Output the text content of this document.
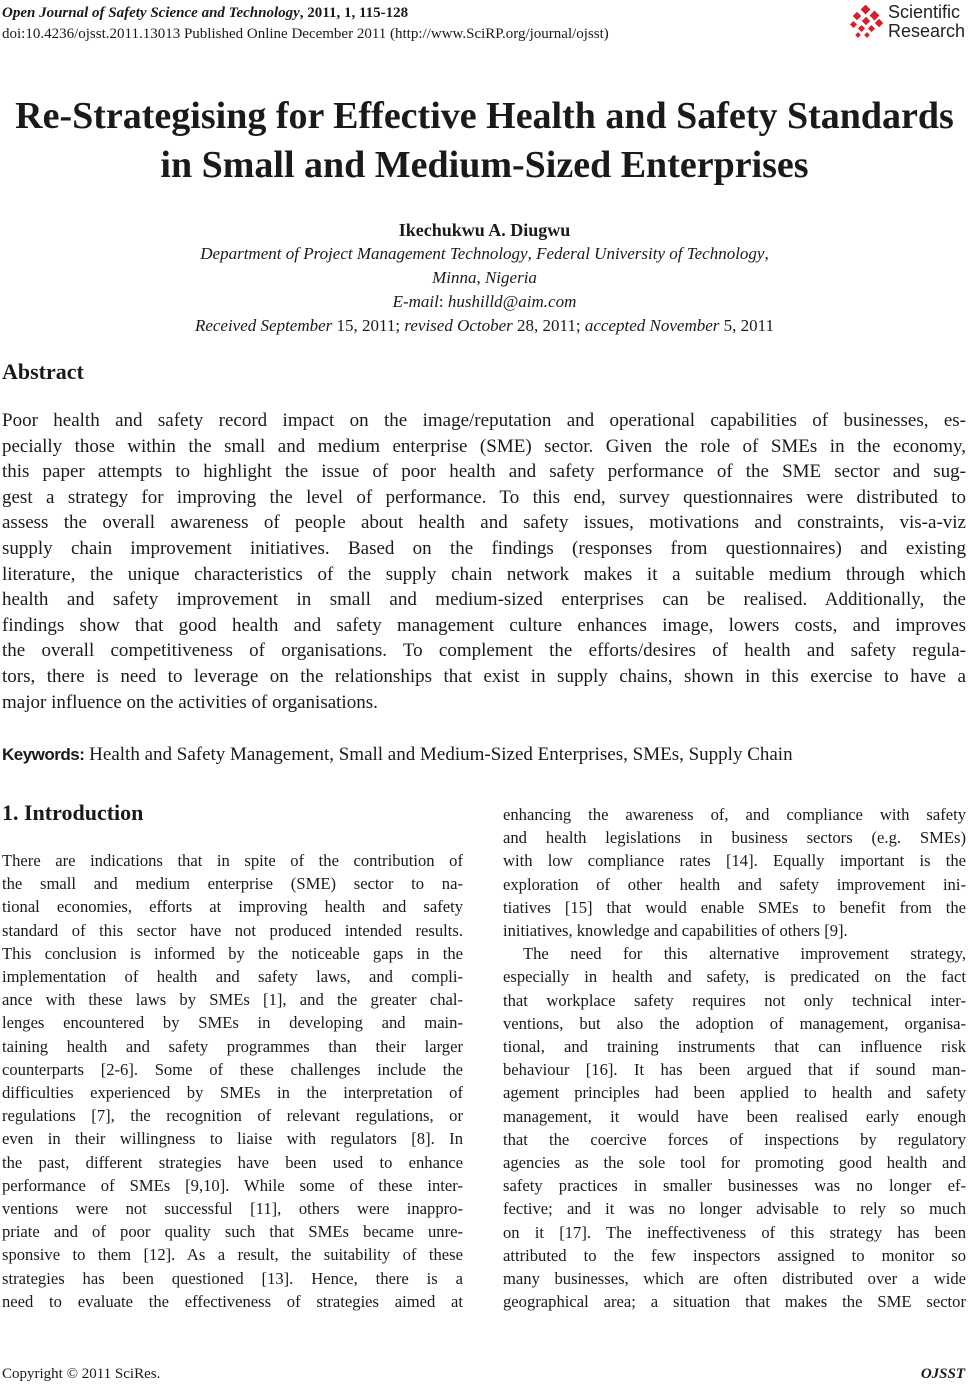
Open Journal of Safety Science and Technology, 2011, 1, 115-128
doi:10.4236/ojsst.2011.13013 Published Online December 2011 (http://www.SciRP.org/journal/ojsst)
Scientific
Research
Re-Strategising for Effective Health and Safety Standards
in Small and Medium-Sized Enterprises
Ikechukwu A. Diugwu
Department of Project Management Technology, Federal University of Technology,
Minna, Nigeria
E-mail: hushilld@aim.com
Received September 15, 2011; revised October 28, 2011; accepted November 5, 2011
Abstract
Poor health and safety record impact on the image/reputation and operational capabilities of businesses, es-
pecially those within the small and medium enterprise (SME) sector. Given the role of SMEs in the economy,
this paper attempts to highlight the issue of poor health and safety performance of the SME sector and sug-
gest a strategy for improving the level of performance. To this end, survey questionnaires were distributed to
assess the overall awareness of people about health and safety issues, motivations and constraints, vis-a-viz
supply chain improvement initiatives. Based on the findings (responses from questionnaires) and existing
literature, the unique characteristics of the supply chain network makes it a suitable medium through which
health and safety improvement in small and medium-sized enterprises can be realised. Additionally, the
findings show that good health and safety management culture enhances image, lowers costs, and improves
the overall competitiveness of organisations. To complement the efforts/desires of health and safety regula-
tors, there is need to leverage on the relationships that exist in supply chains, shown in this exercise to have a
major influence on the activities of organisations.
Keywords: Health and Safety Management, Small and Medium-Sized Enterprises, SMEs, Supply Chain
1. Introduction
There are indications that in spite of the contribution of
the small and medium enterprise (SME) sector to na-
tional economies, efforts at improving health and safety
standard of this sector have not produced intended results.
This conclusion is informed by the noticeable gaps in the
implementation of health and safety laws, and compli-
ance with these laws by SMEs [1], and the greater chal-
lenges encountered by SMEs in developing and main-
taining health and safety programmes than their larger
counterparts [2-6]. Some of these challenges include the
difficulties experienced by SMEs in the interpretation of
regulations [7], the recognition of relevant regulations, or
even in their willingness to liaise with regulators [8]. In
the past, different strategies have been used to enhance
performance of SMEs [9,10]. While some of these inter-
ventions were not successful [11], others were inappro-
priate and of poor quality such that SMEs became unre-
sponsive to them [12]. As a result, the suitability of these
strategies has been questioned [13]. Hence, there is a
need to evaluate the effectiveness of strategies aimed at
enhancing the awareness of, and compliance with safety
and health legislations in business sectors (e.g. SMEs)
with low compliance rates [14]. Equally important is the
exploration of other health and safety improvement ini-
tiatives [15] that would enable SMEs to benefit from the
initiatives, knowledge and capabilities of others [9].
The need for this alternative improvement strategy,
especially in health and safety, is predicated on the fact
that workplace safety requires not only technical inter-
ventions, but also the adoption of management, organisa-
tional, and training instruments that can influence risk
behaviour [16]. It has been argued that if sound man-
agement principles had been applied to health and safety
management, it would have been realised early enough
that the coercive forces of inspections by regulatory
agencies as the sole tool for promoting good health and
safety practices in smaller businesses was no longer ef-
fective; and it was no longer advisable to rely so much
on it [17]. The ineffectiveness of this strategy has been
attributed to the few inspectors assigned to monitor so
many businesses, which are often distributed over a wide
geographical area; a situation that makes the SME sector
Copyright © 2011 SciRes.	OJSST
